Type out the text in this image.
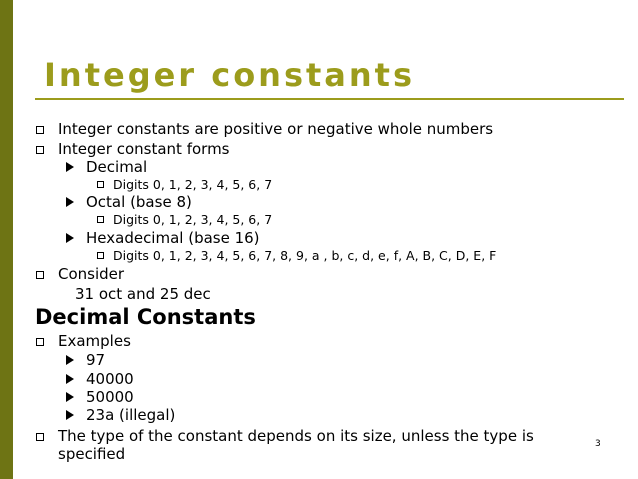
Integer constants
Integer constants are positive or negative whole numbers
Integer constant forms
Decimal
Digits 0, 1, 2, 3, 4, 5, 6, 7
Octal (base 8)
Digits 0, 1, 2, 3, 4, 5, 6, 7
Hexadecimal (base 16)
Digits 0, 1, 2, 3, 4, 5, 6, 7, 8, 9, a , b, c, d, e, f, A, B, C, D, E, F
Consider
31 oct and 25 dec
Decimal Constants
Examples
97
40000
50000
23a (illegal)
The type of the constant depends on its size, unless the type is
specified
3
